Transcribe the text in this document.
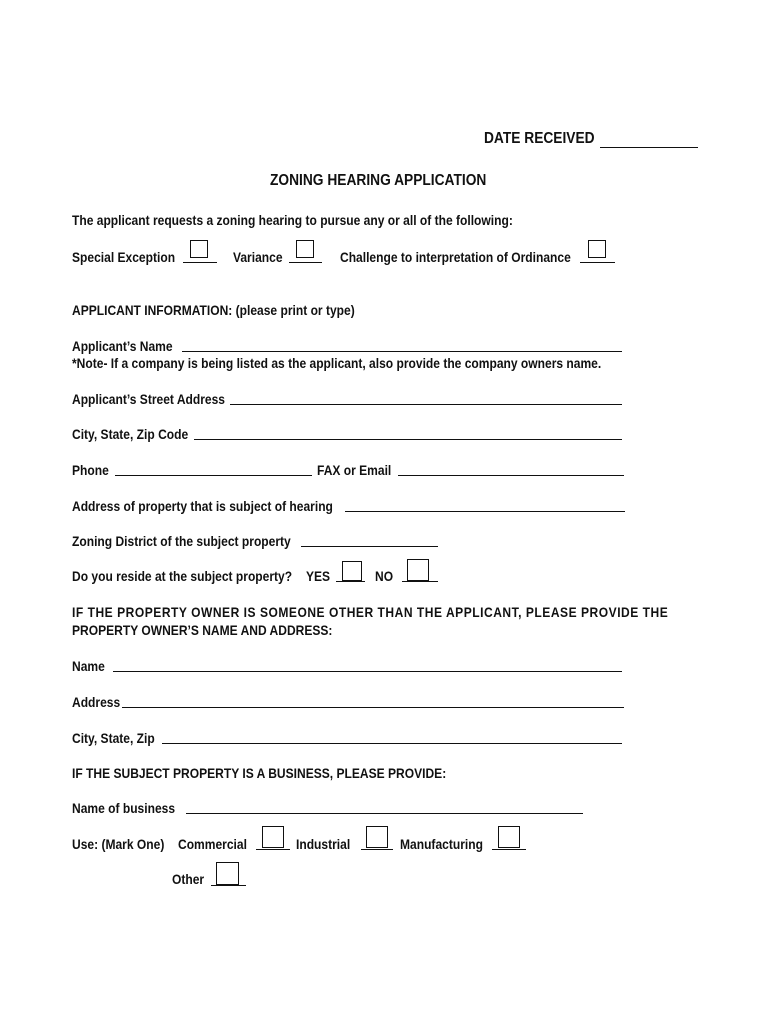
DATE RECEIVED
ZONING HEARING APPLICATION
The applicant requests a zoning hearing to pursue any or all of the following:
Special Exception	Variance	Challenge to interpretation of Ordinance
APPLICANT INFORMATION: (please print or type)
Applicant’s Name
*Note- If a company is being listed as the applicant, also provide the company owners name.
Applicant’s Street Address
City, State, Zip Code
Phone	FAX or Email
Address of property that is subject of hearing
Zoning District of the subject property
Do you reside at the subject property? YES	NO
IF THE PROPERTY OWNER IS SOMEONE OTHER THAN THE APPLICANT, PLEASE PROVIDE THE
PROPERTY OWNER’S NAME AND ADDRESS:
Name
Address
City, State, Zip
IF THE SUBJECT PROPERTY IS A BUSINESS, PLEASE PROVIDE:
Name of business
Use: (Mark One) Commercial	Industrial	Manufacturing
Other
